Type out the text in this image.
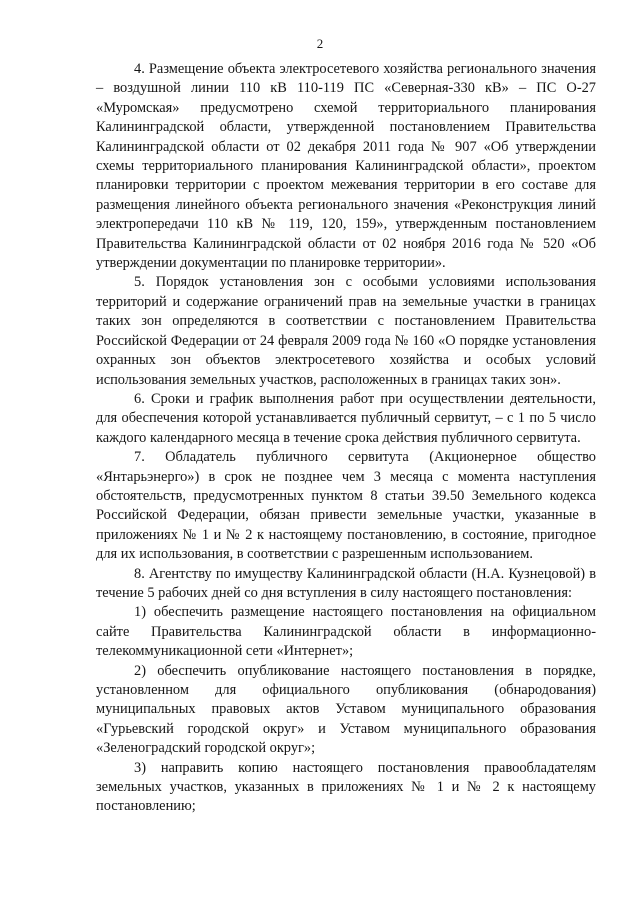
2

4. Размещение объекта электросетевого хозяйства регионального значения – воздушной линии 110 кВ 110-119 ПС «Северная-330 кВ» – ПС О-27 «Муромская» предусмотрено схемой территориального планирования Калининградской области, утвержденной постановлением Правительства Калининградской области от 02 декабря 2011 года № 907 «Об утверждении схемы территориального планирования Калининградской области», проектом планировки территории с проектом межевания территории в его составе для размещения линейного объекта регионального значения «Реконструкция линий электропередачи 110 кВ № 119, 120, 159», утвержденным постановлением Правительства Калининградской области от 02 ноября 2016 года № 520 «Об утверждении документации по планировке территории».

5. Порядок установления зон с особыми условиями использования территорий и содержание ограничений прав на земельные участки в границах таких зон определяются в соответствии с постановлением Правительства Российской Федерации от 24 февраля 2009 года № 160 «О порядке установления охранных зон объектов электросетевого хозяйства и особых условий использования земельных участков, расположенных в границах таких зон».

6. Сроки и график выполнения работ при осуществлении деятельности, для обеспечения которой устанавливается публичный сервитут, – с 1 по 5 число каждого календарного месяца в течение срока действия публичного сервитута.

7. Обладатель публичного сервитута (Акционерное общество «Янтарьэнерго») в срок не позднее чем 3 месяца с момента наступления обстоятельств, предусмотренных пунктом 8 статьи 39.50 Земельного кодекса Российской Федерации, обязан привести земельные участки, указанные в приложениях № 1 и № 2 к настоящему постановлению, в состояние, пригодное для их использования, в соответствии с разрешенным использованием.

8. Агентству по имуществу Калининградской области (Н.А. Кузнецовой) в течение 5 рабочих дней со дня вступления в силу настоящего постановления:

1) обеспечить размещение настоящего постановления на официальном сайте Правительства Калининградской области в информационно-телекоммуникационной сети «Интернет»;

2) обеспечить опубликование настоящего постановления в порядке, установленном для официального опубликования (обнародования) муниципальных правовых актов Уставом муниципального образования «Гурьевский городской округ» и Уставом муниципального образования «Зеленоградский городской округ»;

3) направить копию настоящего постановления правообладателям земельных участков, указанных в приложениях № 1 и № 2 к настоящему постановлению;
